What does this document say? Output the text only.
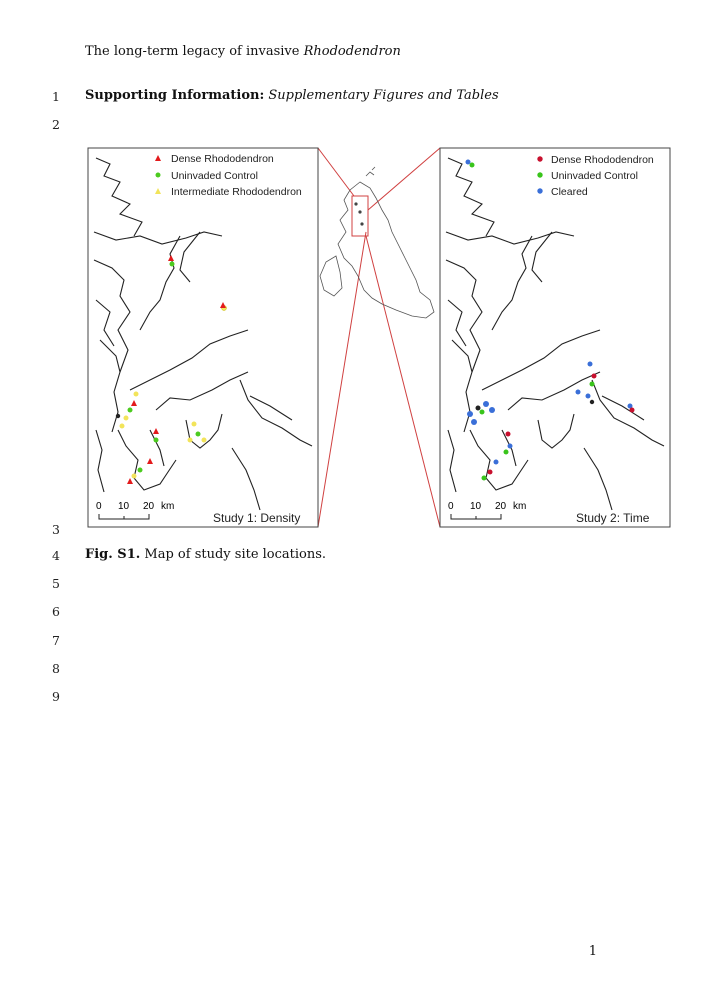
The long-term legacy of invasive Rhododendron
1 Supporting Information: Supplementary Figures and Tables
2
Dense Rhododendron
Uninvaded Control
Intermediate Rhododendron
0 10 20 km
Study 1: Density
Dense Rhododendron
Uninvaded Control
Cleared
0 10 20 km
Study 2: Time
3
4 Fig. S1. Map of study site locations.
5
6
7
8
9
1
